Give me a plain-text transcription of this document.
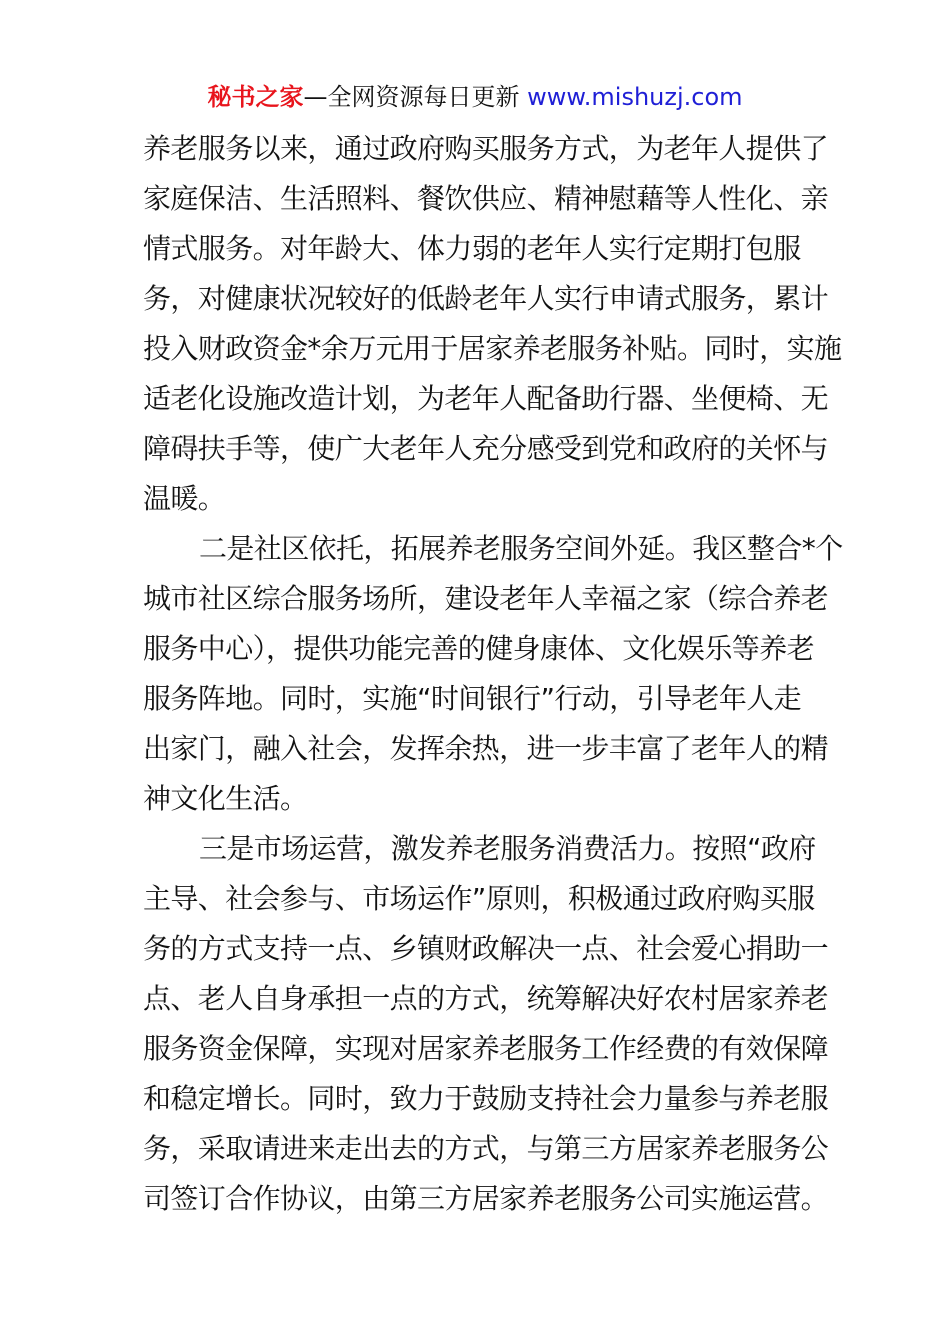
秘书之家—全网资源每日更新 www.mishuzj.com
养老服务以来，通过政府购买服务方式，为老年人提供了
家庭保洁、生活照料、餐饮供应、精神慰藉等人性化、亲
情式服务。对年龄大、体力弱的老年人实行定期打包服
务，对健康状况较好的低龄老年人实行申请式服务，累计
投入财政资金*余万元用于居家养老服务补贴。同时，实施
适老化设施改造计划，为老年人配备助行器、坐便椅、无
障碍扶手等，使广大老年人充分感受到党和政府的关怀与
温暖。
二是社区依托，拓展养老服务空间外延。我区整合*个
城市社区综合服务场所，建设老年人幸福之家（综合养老
服务中心），提供功能完善的健身康体、文化娱乐等养老
服务阵地。同时，实施“时间银行”行动，引导老年人走
出家门，融入社会，发挥余热，进一步丰富了老年人的精
神文化生活。
三是市场运营，激发养老服务消费活力。按照“政府
主导、社会参与、市场运作”原则，积极通过政府购买服
务的方式支持一点、乡镇财政解决一点、社会爱心捐助一
点、老人自身承担一点的方式，统筹解决好农村居家养老
服务资金保障，实现对居家养老服务工作经费的有效保障
和稳定增长。同时，致力于鼓励支持社会力量参与养老服
务，采取请进来走出去的方式，与第三方居家养老服务公
司签订合作协议，由第三方居家养老服务公司实施运营。
